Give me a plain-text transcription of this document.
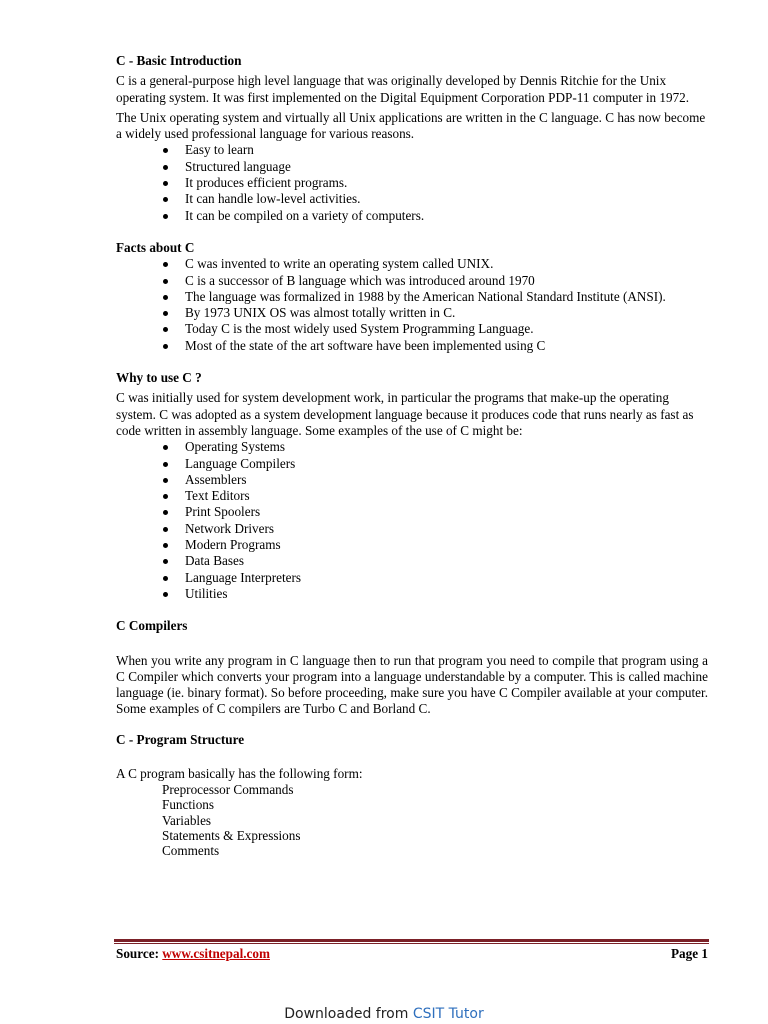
C - Basic Introduction

C is a general-purpose high level language that was originally developed by Dennis Ritchie for the Unix operating system. It was first implemented on the Digital Equipment Corporation PDP-11 computer in 1972.

The Unix operating system and virtually all Unix applications are written in the C language. C has now become a widely used professional language for various reasons.

Easy to learn
Structured language
It produces efficient programs.
It can handle low-level activities.
It can be compiled on a variety of computers.

Facts about C

C was invented to write an operating system called UNIX.
C is a successor of B language which was introduced around 1970
The language was formalized in 1988 by the American National Standard Institute (ANSI).
By 1973 UNIX OS was almost totally written in C.
Today C is the most widely used System Programming Language.
Most of the state of the art software have been implemented using C

Why to use C ?

C was initially used for system development work, in particular the programs that make-up the operating system. C was adopted as a system development language because it produces code that runs nearly as fast as code written in assembly language. Some examples of the use of C might be:

Operating Systems
Language Compilers
Assemblers
Text Editors
Print Spoolers
Network Drivers
Modern Programs
Data Bases
Language Interpreters
Utilities

C Compilers

When you write any program in C language then to run that program you need to compile that program using a C Compiler which converts your program into a language understandable by a computer. This is called machine language (ie. binary format). So before proceeding, make sure you have C Compiler available at your computer. Some examples of C compilers are Turbo C and Borland C.

C - Program Structure

A C program basically has the following form:

Preprocessor Commands
Functions
Variables
Statements & Expressions
Comments
Source: www.csitnepal.com	Page 1
Downloaded from CSIT Tutor
